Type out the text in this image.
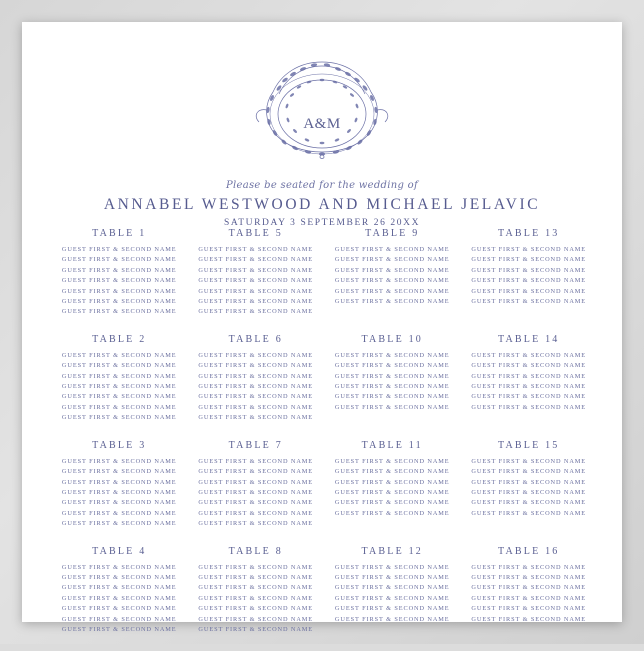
A&M
Please be seated for the wedding of
ANNABEL WESTWOOD AND MICHAEL JELAVIC
SATURDAY 3 SEPTEMBER 26 20XX
TABLE 1
GUEST FIRST & SECOND NAME
GUEST FIRST & SECOND NAME
GUEST FIRST & SECOND NAME
GUEST FIRST & SECOND NAME
GUEST FIRST & SECOND NAME
GUEST FIRST & SECOND NAME
GUEST FIRST & SECOND NAME
TABLE 5
GUEST FIRST & SECOND NAME
GUEST FIRST & SECOND NAME
GUEST FIRST & SECOND NAME
GUEST FIRST & SECOND NAME
GUEST FIRST & SECOND NAME
GUEST FIRST & SECOND NAME
GUEST FIRST & SECOND NAME
TABLE 9
GUEST FIRST & SECOND NAME
GUEST FIRST & SECOND NAME
GUEST FIRST & SECOND NAME
GUEST FIRST & SECOND NAME
GUEST FIRST & SECOND NAME
GUEST FIRST & SECOND NAME
TABLE 13
GUEST FIRST & SECOND NAME
GUEST FIRST & SECOND NAME
GUEST FIRST & SECOND NAME
GUEST FIRST & SECOND NAME
GUEST FIRST & SECOND NAME
GUEST FIRST & SECOND NAME
TABLE 2
GUEST FIRST & SECOND NAME
GUEST FIRST & SECOND NAME
GUEST FIRST & SECOND NAME
GUEST FIRST & SECOND NAME
GUEST FIRST & SECOND NAME
GUEST FIRST & SECOND NAME
GUEST FIRST & SECOND NAME
TABLE 6
GUEST FIRST & SECOND NAME
GUEST FIRST & SECOND NAME
GUEST FIRST & SECOND NAME
GUEST FIRST & SECOND NAME
GUEST FIRST & SECOND NAME
GUEST FIRST & SECOND NAME
GUEST FIRST & SECOND NAME
TABLE 10
GUEST FIRST & SECOND NAME
GUEST FIRST & SECOND NAME
GUEST FIRST & SECOND NAME
GUEST FIRST & SECOND NAME
GUEST FIRST & SECOND NAME
GUEST FIRST & SECOND NAME
TABLE 14
GUEST FIRST & SECOND NAME
GUEST FIRST & SECOND NAME
GUEST FIRST & SECOND NAME
GUEST FIRST & SECOND NAME
GUEST FIRST & SECOND NAME
GUEST FIRST & SECOND NAME
TABLE 3
GUEST FIRST & SECOND NAME
GUEST FIRST & SECOND NAME
GUEST FIRST & SECOND NAME
GUEST FIRST & SECOND NAME
GUEST FIRST & SECOND NAME
GUEST FIRST & SECOND NAME
GUEST FIRST & SECOND NAME
TABLE 7
GUEST FIRST & SECOND NAME
GUEST FIRST & SECOND NAME
GUEST FIRST & SECOND NAME
GUEST FIRST & SECOND NAME
GUEST FIRST & SECOND NAME
GUEST FIRST & SECOND NAME
GUEST FIRST & SECOND NAME
TABLE 11
GUEST FIRST & SECOND NAME
GUEST FIRST & SECOND NAME
GUEST FIRST & SECOND NAME
GUEST FIRST & SECOND NAME
GUEST FIRST & SECOND NAME
GUEST FIRST & SECOND NAME
TABLE 15
GUEST FIRST & SECOND NAME
GUEST FIRST & SECOND NAME
GUEST FIRST & SECOND NAME
GUEST FIRST & SECOND NAME
GUEST FIRST & SECOND NAME
GUEST FIRST & SECOND NAME
TABLE 4
GUEST FIRST & SECOND NAME
GUEST FIRST & SECOND NAME
GUEST FIRST & SECOND NAME
GUEST FIRST & SECOND NAME
GUEST FIRST & SECOND NAME
GUEST FIRST & SECOND NAME
GUEST FIRST & SECOND NAME
TABLE 8
GUEST FIRST & SECOND NAME
GUEST FIRST & SECOND NAME
GUEST FIRST & SECOND NAME
GUEST FIRST & SECOND NAME
GUEST FIRST & SECOND NAME
GUEST FIRST & SECOND NAME
GUEST FIRST & SECOND NAME
TABLE 12
GUEST FIRST & SECOND NAME
GUEST FIRST & SECOND NAME
GUEST FIRST & SECOND NAME
GUEST FIRST & SECOND NAME
GUEST FIRST & SECOND NAME
GUEST FIRST & SECOND NAME
TABLE 16
GUEST FIRST & SECOND NAME
GUEST FIRST & SECOND NAME
GUEST FIRST & SECOND NAME
GUEST FIRST & SECOND NAME
GUEST FIRST & SECOND NAME
GUEST FIRST & SECOND NAME
